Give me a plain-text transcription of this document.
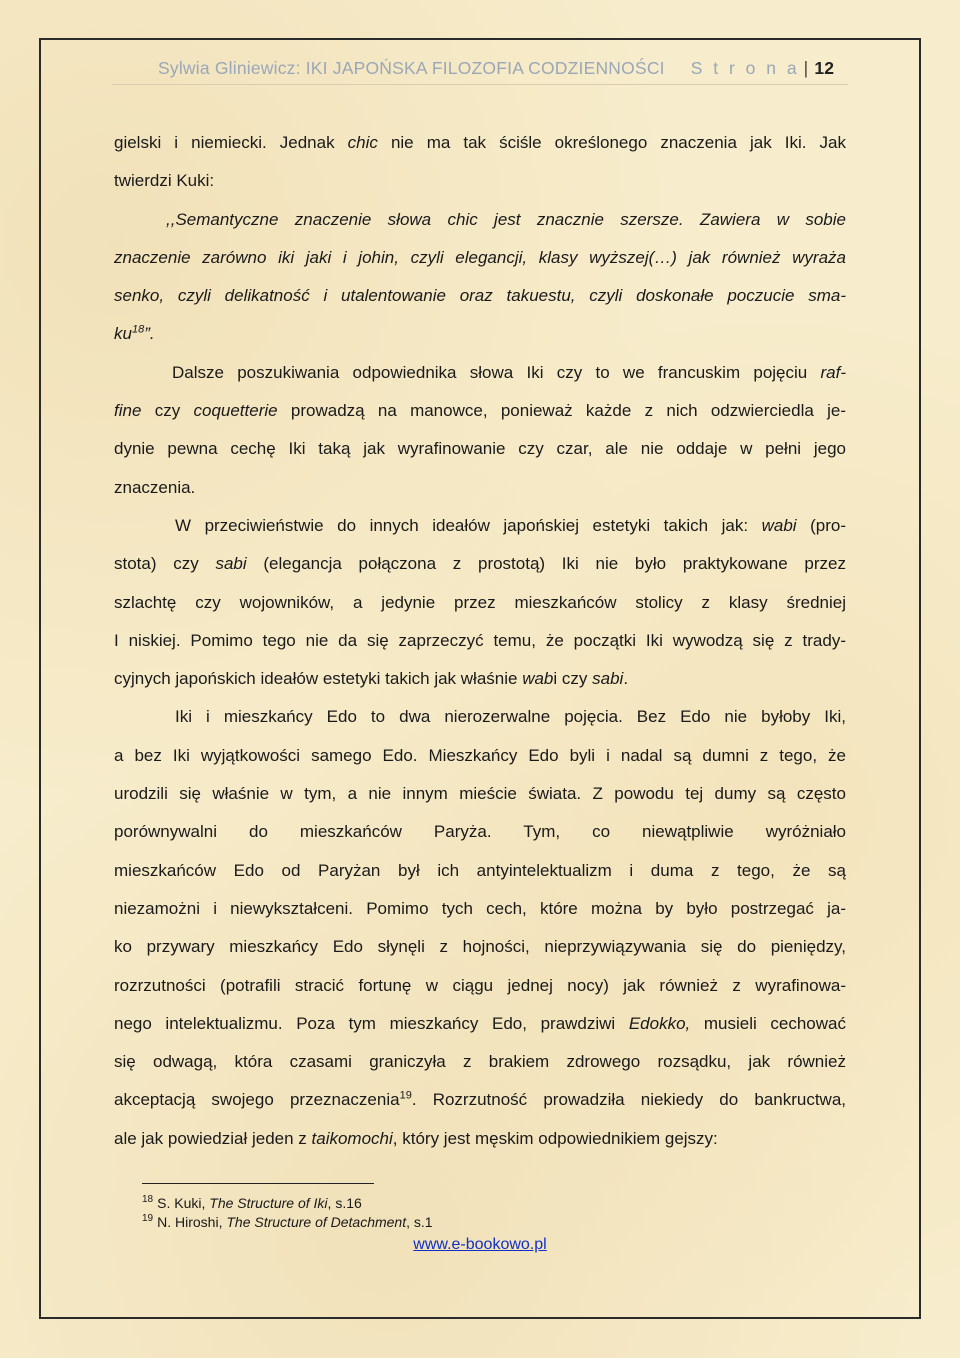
Sylwia Gliniewicz: IKI JAPOŃSKA FILOZOFIA CODZIENNOŚCI S t r o n a | 12
gielski i niemiecki. Jednak chic nie ma tak ściśle określonego znaczenia jak Iki. Jak
twierdzi Kuki:
,,Semantyczne znaczenie słowa chic jest znacznie szersze. Zawiera w sobie
znaczenie zarówno iki jaki i johin, czyli elegancji, klasy wyższej(…) jak również wyraża
senko, czyli delikatność i utalentowanie oraz takuestu, czyli doskonałe poczucie sma-
$ku^{18}$”.
Dalsze poszukiwania odpowiednika słowa Iki czy to we francuskim pojęciu raf-
fine czy coquetterie prowadzą na manowce, ponieważ każde z nich odzwierciedla je-
dynie pewna cechę Iki taką jak wyrafinowanie czy czar, ale nie oddaje w pełni jego
znaczenia.
W przeciwieństwie do innych ideałów japońskiej estetyki takich jak: wabi (pro-
stota) czy sabi (elegancja połączona z prostotą) Iki nie było praktykowane przez
szlachtę czy wojowników, a jedynie przez mieszkańców stolicy z klasy średniej
I niskiej. Pomimo tego nie da się zaprzeczyć temu, że początki Iki wywodzą się z trady-
cyjnych japońskich ideałów estetyki takich jak właśnie wabi czy sabi.
Iki i mieszkańcy Edo to dwa nierozerwalne pojęcia. Bez Edo nie byłoby Iki,
a bez Iki wyjątkowości samego Edo. Mieszkańcy Edo byli i nadal są dumni z tego, że
urodzili się właśnie w tym, a nie innym mieście świata. Z powodu tej dumy są często
porównywalni do mieszkańców Paryża. Tym, co niewątpliwie wyróżniało
mieszkańców Edo od Paryżan był ich antyintelektualizm i duma z tego, że są
niezamożni i niewykształceni. Pomimo tych cech, które można by było postrzegać ja-
ko przywary mieszkańcy Edo słynęli z hojności, nieprzywiązywania się do pieniędzy,
rozrzutności (potrafili stracić fortunę w ciągu jednej nocy) jak również z wyrafinowa-
nego intelektualizmu. Poza tym mieszkańcy Edo, prawdziwi Edokko, musieli cechować
się odwagą, która czasami graniczyła z brakiem zdrowego rozsądku, jak również
akceptacją swojego przeznaczenia$^{19}$. Rozrzutność prowadziła niekiedy do bankructwa,
ale jak powiedział jeden z taikomochi, który jest męskim odpowiednikiem gejszy:
$^{18}$ S. Kuki, The Structure of Iki, s.16
$^{19}$ N. Hiroshi, The Structure of Detachment, s.1
www.e-bookowo.pl
